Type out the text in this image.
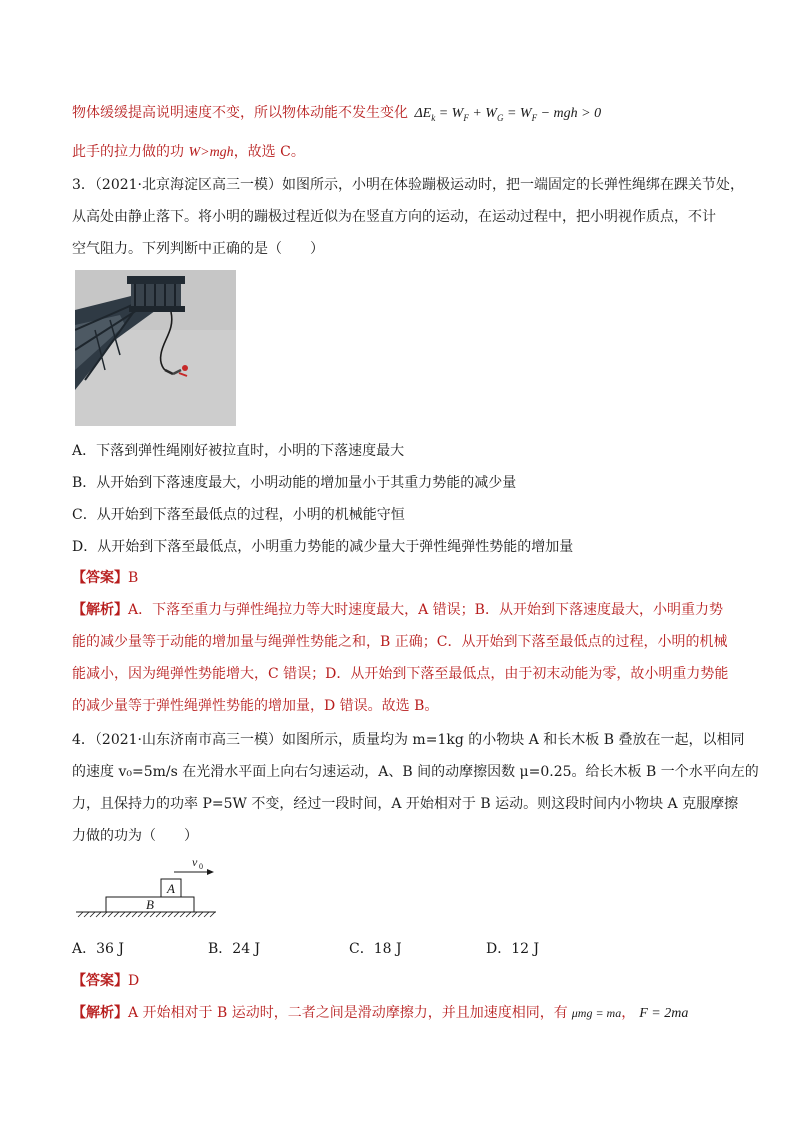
物体缓缓提高说明速度不变，所以物体动能不发生变化 $\Delta E_k = W_F + W_G = W_F$ − mgh > 0
此手的拉力做的功 W>mgh，故选 C。
3．（2021·北京海淀区高三一模）如图所示，小明在体验蹦极运动时，把一端固定的长弹性绳绑在踝关节处，
从高处由静止落下。将小明的蹦极过程近似为在竖直方向的运动，在运动过程中，把小明视作质点，不计
空气阻力。下列判断中正确的是（　　）
A．下落到弹性绳刚好被拉直时，小明的下落速度最大
B．从开始到下落速度最大，小明动能的增加量小于其重力势能的减少量
C．从开始到下落至最低点的过程，小明的机械能守恒
D．从开始到下落至最低点，小明重力势能的减少量大于弹性绳弹性势能的增加量
【答案】B
【解析】A．下落至重力与弹性绳拉力等大时速度最大，A 错误；B．从开始到下落速度最大，小明重力势
能的减少量等于动能的增加量与绳弹性势能之和，B 正确；C．从开始到下落至最低点的过程，小明的机械
能减小，因为绳弹性势能增大，C 错误；D．从开始到下落至最低点，由于初末动能为零，故小明重力势能
的减少量等于弹性绳弹性势能的增加量，D 错误。故选 B。
4．（2021·山东济南市高三一模）如图所示，质量均为 m=1kg 的小物块 A 和长木板 B 叠放在一起，以相同
的速度 v₀=5m/s 在光滑水平面上向右匀速运动，A、B 间的动摩擦因数 μ=0.25。给长木板 B 一个水平向左的
力，且保持力的功率 P=5W 不变，经过一段时间，A 开始相对于 B 运动。则这段时间内小物块 A 克服摩擦
力做的功为（　　）
A
B
v 0
A．36 J	B．24 J	C．18 J	D．12 J
【答案】D
【解析】A 开始相对于 B 运动时，二者之间是滑动摩擦力，并且加速度相同，有 μmg = ma， F = 2ma
